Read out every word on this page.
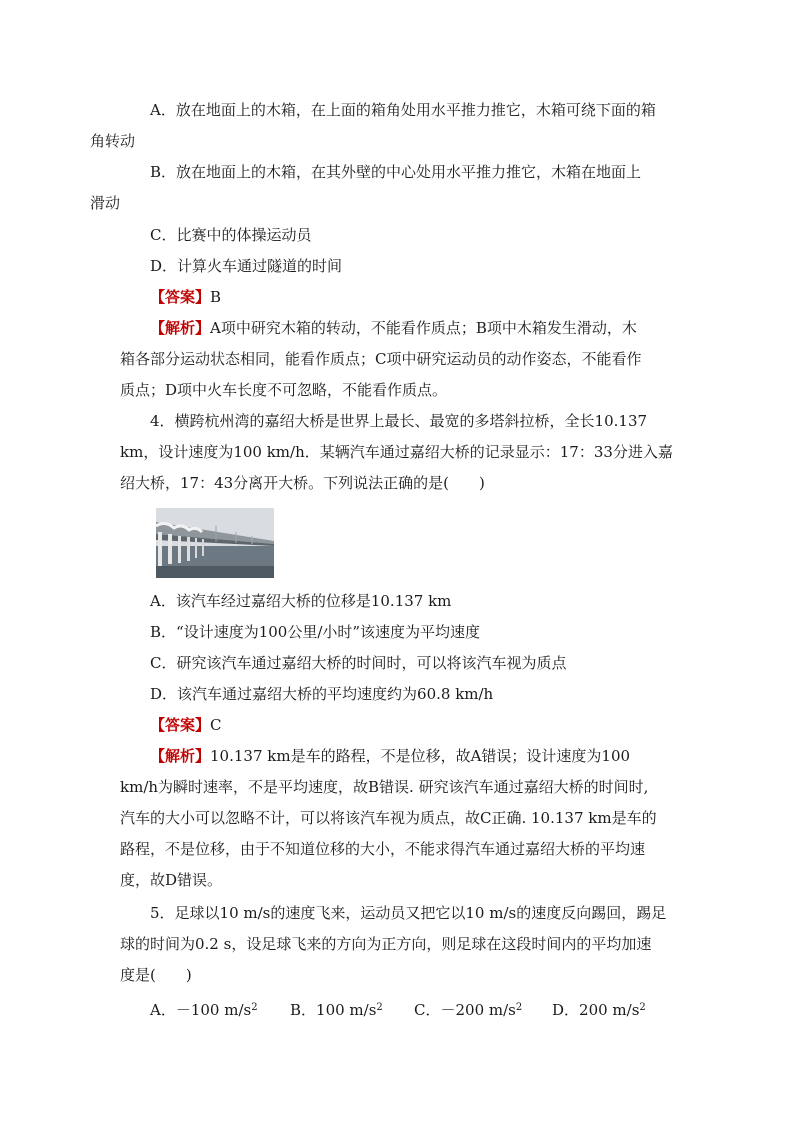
A．放在地面上的木箱，在上面的箱角处用水平推力推它，木箱可绕下面的箱
角转动

B．放在地面上的木箱，在其外壁的中心处用水平推力推它，木箱在地面上
滑动

C．比赛中的体操运动员

D．计算火车通过隧道的时间

【答案】B

【解析】A项中研究木箱的转动，不能看作质点；B项中木箱发生滑动，木

箱各部分运动状态相同，能看作质点；C项中研究运动员的动作姿态，不能看作

质点；D项中火车长度不可忽略，不能看作质点。

4．横跨杭州湾的嘉绍大桥是世界上最长、最宽的多塔斜拉桥，全长10.137

km，设计速度为100 km/h．某辆汽车通过嘉绍大桥的记录显示：17：33分进入嘉

绍大桥，17：43分离开大桥。下列说法正确的是(　　)

A．该汽车经过嘉绍大桥的位移是10.137 km

B．“设计速度为100公里/小时”该速度为平均速度

C．研究该汽车通过嘉绍大桥的时间时，可以将该汽车视为质点

D．该汽车通过嘉绍大桥的平均速度约为60.8 km/h

【答案】C

【解析】10.137 km是车的路程，不是位移，故A错误；设计速度为100

km/h为瞬时速率，不是平均速度，故B错误. 研究该汽车通过嘉绍大桥的时间时,

汽车的大小可以忽略不计，可以将该汽车视为质点，故C正确. 10.137 km是车的

路程，不是位移，由于不知道位移的大小，不能求得汽车通过嘉绍大桥的平均速

度，故D错误。

5．足球以10 m/s的速度飞来，运动员又把它以10 m/s的速度反向踢回，踢足

球的时间为0.2 s，设足球飞来的方向为正方向，则足球在这段时间内的平均加速

度是(　　)

A．－100 $m/s^2$ B．100 $m/s^2$ C．－200 $m/s^2$ D．200 $m/s^2$
